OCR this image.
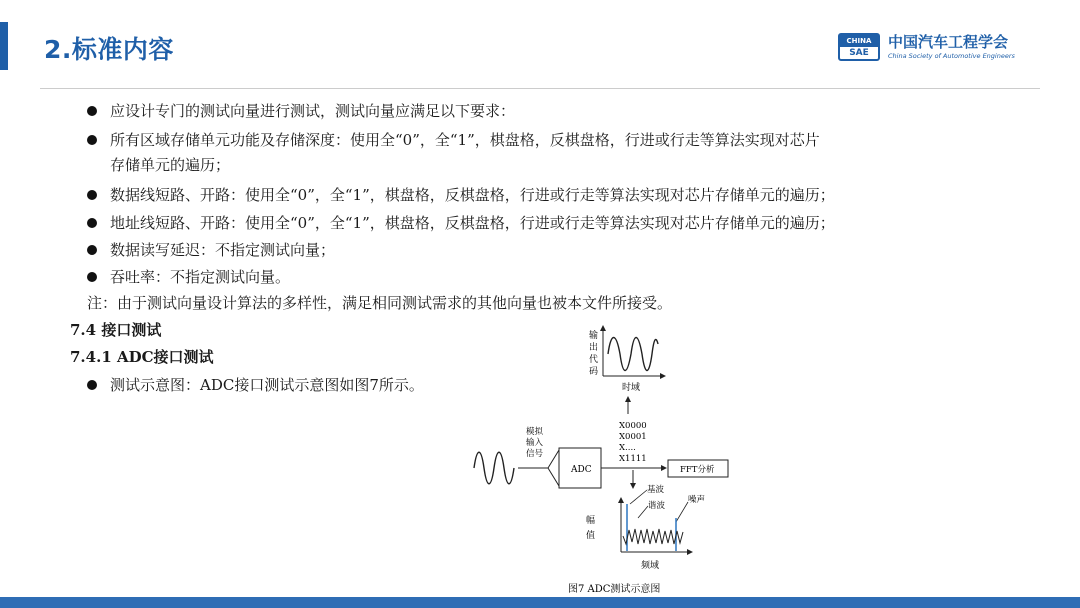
2.标准内容	CHINA
SAE
中国汽车工程学会
China Society of Automotive Engineers
应设计专门的测试向量进行测试，测试向量应满足以下要求：
所有区域存储单元功能及存储深度：使用全“0”，全“1”，棋盘格，反棋盘格，行进或行走等算法实现对芯片
存储单元的遍历；
数据线短路、开路：使用全“0”，全“1”，棋盘格，反棋盘格，行进或行走等算法实现对芯片存储单元的遍历；
地址线短路、开路：使用全“0”，全“1”，棋盘格，反棋盘格，行进或行走等算法实现对芯片存储单元的遍历；
数据读写延迟：不指定测试向量；
吞吐率：不指定测试向量。
注：由于测试向量设计算法的多样性，满足相同测试需求的其他向量也被本文件所接受。
7.4 接口测试
7.4.1 ADC接口测试
测试示意图：ADC接口测试示意图如图7所示。
输
出
代
码
时域
X0000
X0001
X....
X1111
模拟
输入
信号
ADC	FFT分析
基波
谐波
噪声
幅
值
频域
图7 ADC测试示意图
